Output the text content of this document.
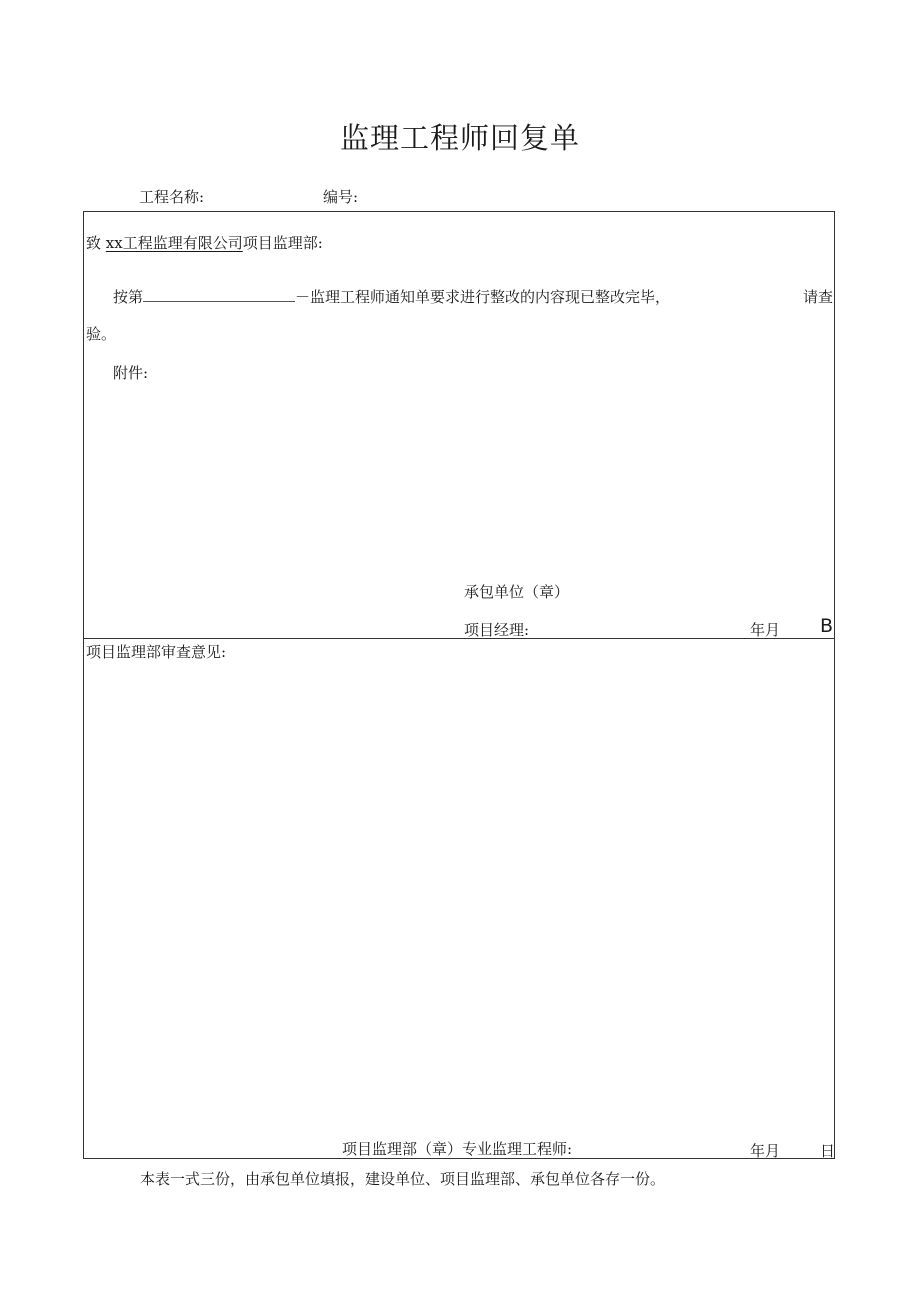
监理工程师回复单
工程名称:	编号:
致 xx工程监理有限公司项目监理部:
按第	－监理工程师通知单要求进行整改的内容现已整改完毕，	请查
验。
附件:
承包单位（章）
项目经理:	年月 B
项目监理部审查意见:
项目监理部（章）专业监理工程师:	年月	日
本表一式三份，由承包单位填报，建设单位、项目监理部、承包单位各存一份。
